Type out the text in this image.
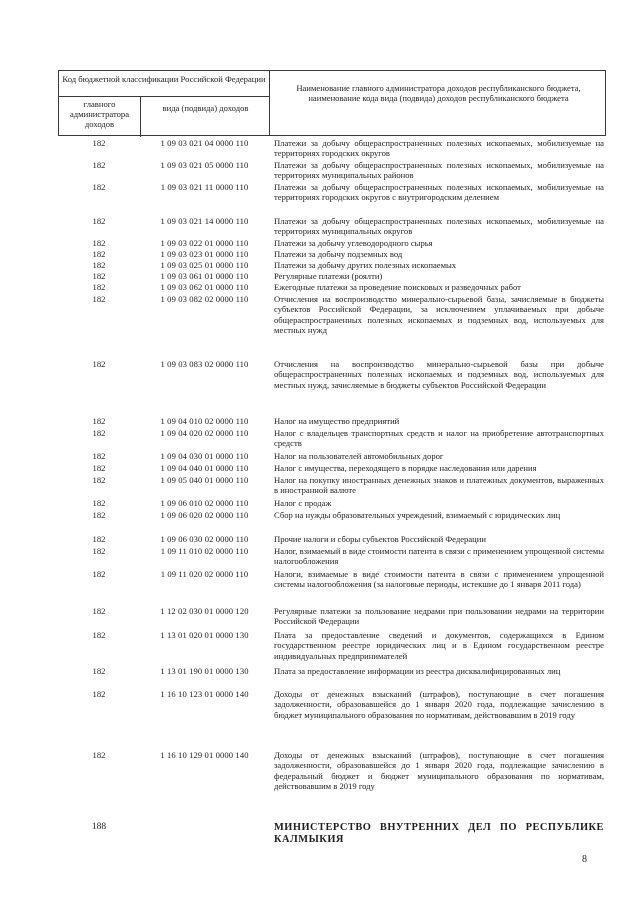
Код бюджетной классификации Российской Федерации
главного администратора доходов
вида (подвида) доходов
Наименование главного администратора доходов республиканского бюджета, наименование кода вида (подвида) доходов республиканского бюджета
182	1 09 03 021 04 0000 110	Платежи за добычу общераспространенных полезных ископаемых, мобилизуемые на территориях городских округов
182	1 09 03 021 05 0000 110	Платежи за добычу общераспространенных полезных ископаемых, мобилизуемые на территориях муниципальных районов
182	1 09 03 021 11 0000 110	Платежи за добычу общераспространенных полезных ископаемых, мобилизуемые на территориях городских округов с внутригородским делением
182	1 09 03 021 14 0000 110	Платежи за добычу общераспространенных полезных ископаемых, мобилизуемые на территориях муниципальных округов
182	1 09 03 022 01 0000 110	Платежи за добычу углеводородного сырья
182	1 09 03 023 01 0000 110	Платежи за добычу подземных вод
182	1 09 03 025 01 0000 110	Платежи за добычу других полезных ископаемых
182	1 09 03 061 01 0000 110	Регулярные платежи (роялти)
182	1 09 03 062 01 0000 110	Ежегодные платежи за проведение поисковых и разведочных работ
182	1 09 03 082 02 0000 110	Отчисления на воспроизводство минерально-сырьевой базы, зачисляемые в бюджеты субъектов Российской Федерации, за исключением уплачиваемых при добыче общераспространенных полезных ископаемых и подземных вод, используемых для местных нужд
182	1 09 03 083 02 0000 110	Отчисления на воспроизводство минерально-сырьевой базы при добыче общераспространенных полезных ископаемых и подземных вод, используемых для местных нужд, зачисляемые в бюджеты субъектов Российской Федерации
182	1 09 04 010 02 0000 110	Налог на имущество предприятий
182	1 09 04 020 02 0000 110	Налог с владельцев транспортных средств и налог на приобретение автотранспортных средств
182	1 09 04 030 01 0000 110	Налог на пользователей автомобильных дорог
182	1 09 04 040 01 0000 110	Налог с имущества, переходящего в порядке наследования или дарения
182	1 09 05 040 01 0000 110	Налог на покупку иностранных денежных знаков и платежных документов, выраженных в иностранной валюте
182	1 09 06 010 02 0000 110	Налог с продаж
182	1 09 06 020 02 0000 110	Сбор на нужды образовательных учреждений, взимаемый с юридических лиц
182	1 09 06 030 02 0000 110	Прочие налоги и сборы субъектов Российской Федерации
182	1 09 11 010 02 0000 110	Налог, взимаемый в виде стоимости патента в связи с применением упрощенной системы налогообложения
182	1 09 11 020 02 0000 110	Налоги, взимаемые в виде стоимости патента в связи с применением упрощенной системы налогообложения (за налоговые периоды, истекшие до 1 января 2011 года)
182	1 12 02 030 01 0000 120	Регулярные платежи за пользование недрами при пользовании недрами на территории Российской Федерации
182	1 13 01 020 01 0000 130	Плата за предоставление сведений и документов, содержащихся в Едином государственном реестре юридических лиц и в Едином государственном реестре индивидуальных предпринимателей
182	1 13 01 190 01 0000 130	Плата за предоставление информации из реестра дисквалифицированных лиц
182	1 16 10 123 01 0000 140	Доходы от денежных взысканий (штрафов), поступающие в счет погашения задолженности, образовавшейся до 1 января 2020 года, подлежащие зачислению в бюджет муниципального образования по нормативам, действовавшим в 2019 году
182	1 16 10 129 01 0000 140	Доходы от денежных взысканий (штрафов), поступающие в счет погашения задолженности, образовавшейся до 1 января 2020 года, подлежащие зачислению в федеральный бюджет и бюджет муниципального образования по нормативам, действовавшим в 2019 году
188	МИНИСТЕРСТВО ВНУТРЕННИХ ДЕЛ ПО РЕСПУБЛИКЕ КАЛМЫКИЯ
8
